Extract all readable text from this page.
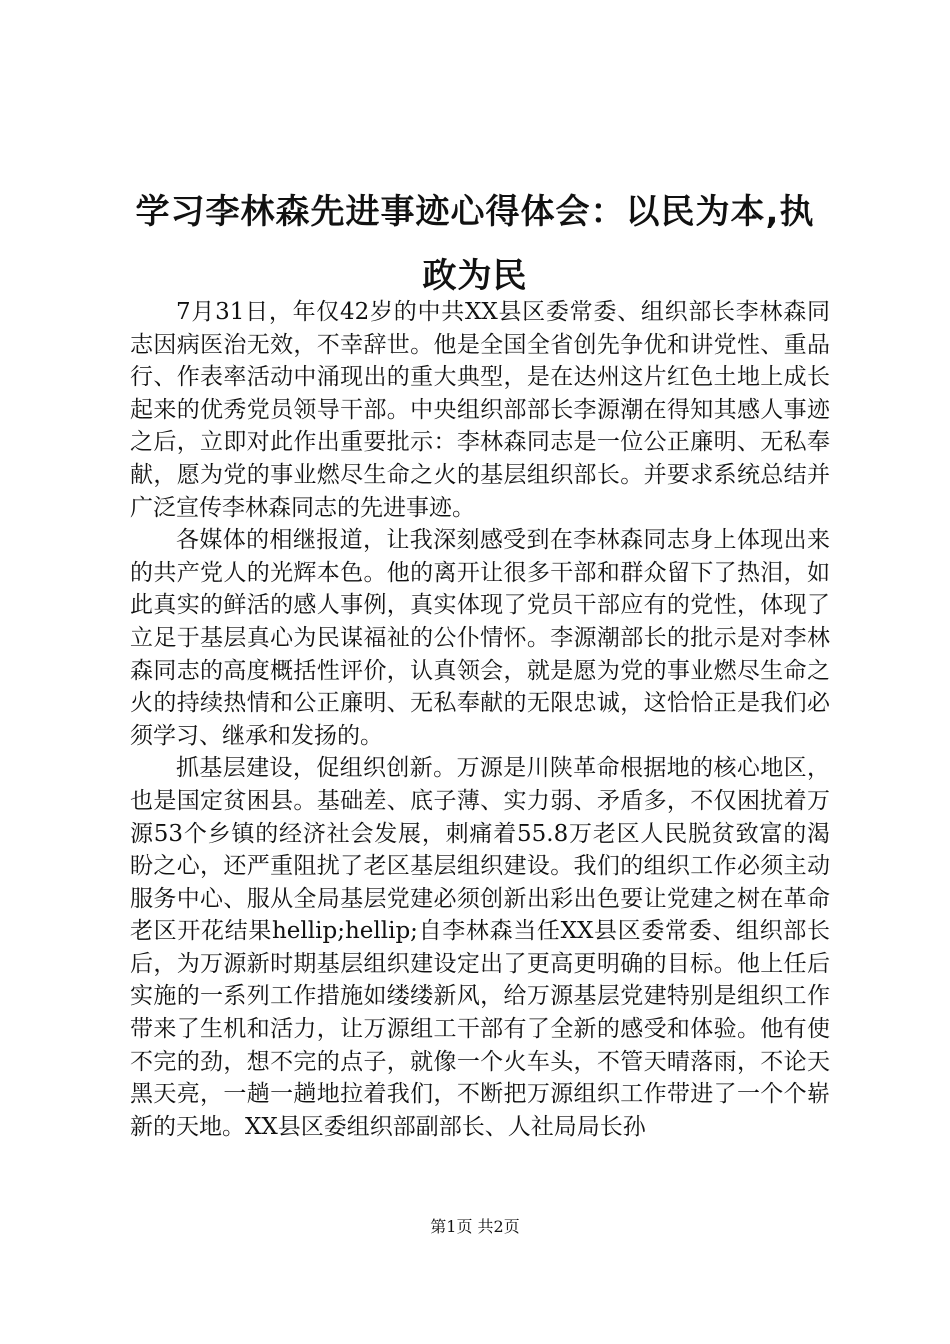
学习李林森先进事迹心得体会：以民为本,执政为民

7月31日，年仅42岁的中共XX县区委常委、组织部长李林森同志因病医治无效，不幸辞世。他是全国全省创先争优和讲党性、重品行、作表率活动中涌现出的重大典型，是在达州这片红色土地上成长起来的优秀党员领导干部。中央组织部部长李源潮在得知其感人事迹之后，立即对此作出重要批示：李林森同志是一位公正廉明、无私奉献，愿为党的事业燃尽生命之火的基层组织部长。并要求系统总结并广泛宣传李林森同志的先进事迹。

各媒体的相继报道，让我深刻感受到在李林森同志身上体现出来的共产党人的光辉本色。他的离开让很多干部和群众留下了热泪，如此真实的鲜活的感人事例，真实体现了党员干部应有的党性，体现了立足于基层真心为民谋福祉的公仆情怀。李源潮部长的批示是对李林森同志的高度概括性评价，认真领会，就是愿为党的事业燃尽生命之火的持续热情和公正廉明、无私奉献的无限忠诚，这恰恰正是我们必须学习、继承和发扬的。

抓基层建设，促组织创新。万源是川陕革命根据地的核心地区，也是国定贫困县。基础差、底子薄、实力弱、矛盾多，不仅困扰着万源53个乡镇的经济社会发展，刺痛着55.8万老区人民脱贫致富的渴盼之心，还严重阻扰了老区基层组织建设。我们的组织工作必须主动服务中心、服从全局基层党建必须创新出彩出色要让党建之树在革命老区开花结果hellip;hellip;自李林森当任XX县区委常委、组织部长后，为万源新时期基层组织建设定出了更高更明确的目标。他上任后实施的一系列工作措施如缕缕新风，给万源基层党建特别是组织工作带来了生机和活力，让万源组工干部有了全新的感受和体验。他有使不完的劲，想不完的点子，就像一个火车头，不管天晴落雨，不论天黑天亮，一趟一趟地拉着我们，不断把万源组织工作带进了一个个崭新的天地。XX县区委组织部副部长、人社局局长孙

第1页 共2页
